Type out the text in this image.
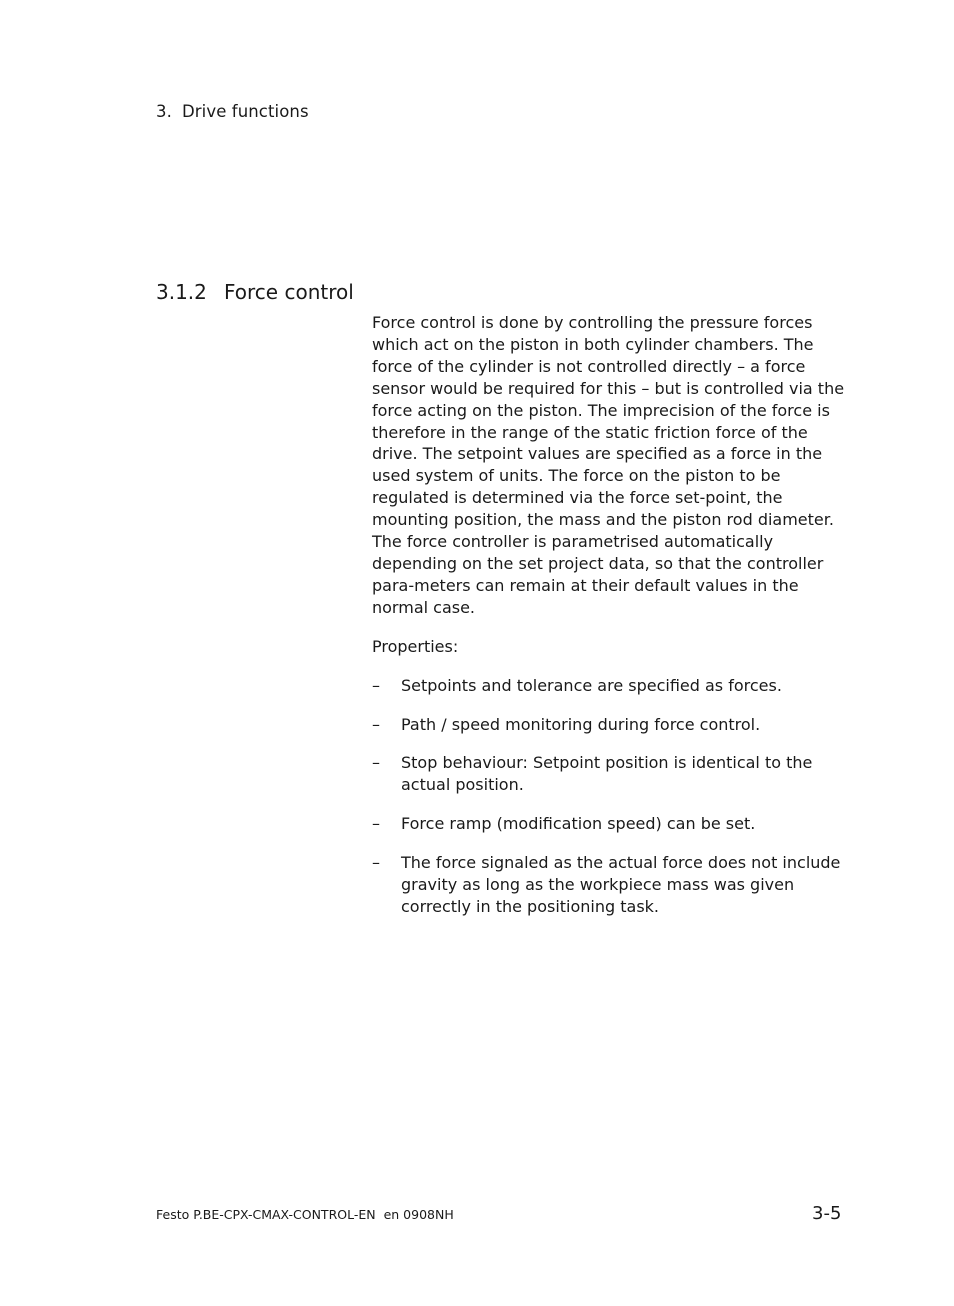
3. Drive functions
3.1.2 Force control

Force control is done by controlling the pressure forces which act on the piston in both cylinder chambers. The force of the cylinder is not controlled directly – a force sensor would be required for this – but is controlled via the force acting on the piston. The imprecision of the force is therefore in the range of the static friction force of the drive. The setpoint values are specified as a force in the used system of units. The force on the piston to be regulated is determined via the force set-point, the mounting position, the mass and the piston rod diameter. The force controller is parametrised automatically depending on the set project data, so that the controller para-meters can remain at their default values in the normal case.

Properties:

– Setpoints and tolerance are specified as forces.
– Path / speed monitoring during force control.
– Stop behaviour: Setpoint position is identical to the actual position.
– Force ramp (modification speed) can be set.
– The force signaled as the actual force does not include gravity as long as the workpiece mass was given correctly in the positioning task.
Festo P.BE-CPX-CMAX-CONTROL-EN en 0908NH	3-5
